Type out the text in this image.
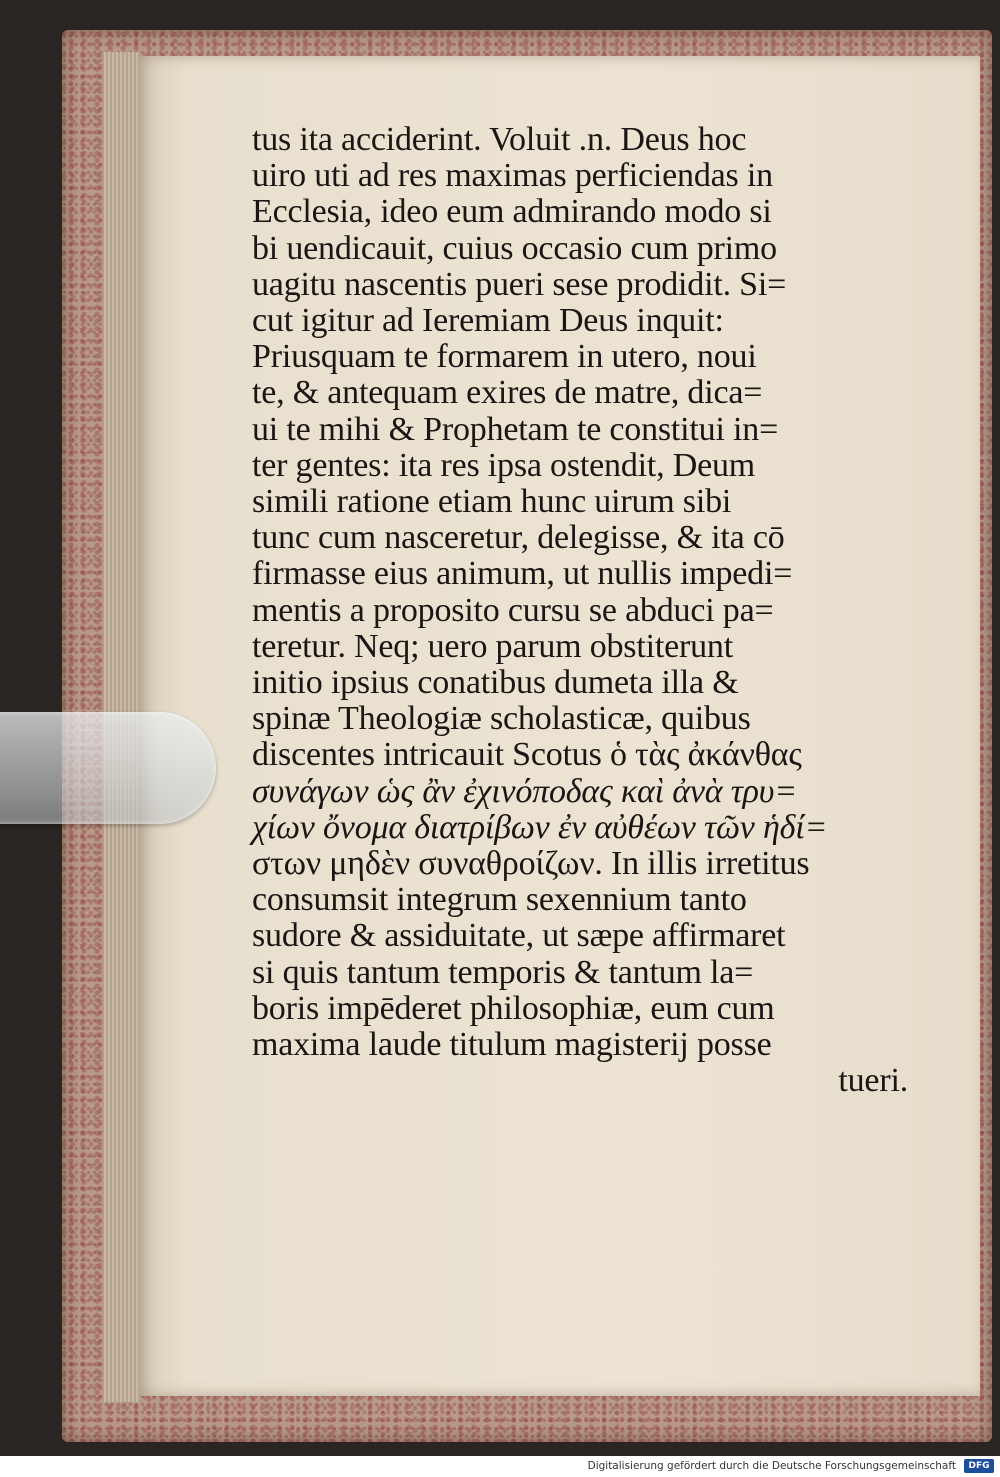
tus ita acciderint. Voluit .n. Deus hoc
uiro uti ad res maximas perficiendas in
Ecclesia, ideo eum admirando modo si
bi uendicauit, cuius occasio cum primo
uagitu nascentis pueri sese prodidit. Si=
cut igitur ad Ieremiam Deus inquit:
Priusquam te formarem in utero, noui
te, & antequam exires de matre, dica=
ui te mihi & Prophetam te constitui in=
ter gentes: ita res ipsa ostendit, Deum
simili ratione etiam hunc uirum sibi
tunc cum nasceretur, delegisse, & ita cō
firmasse eius animum, ut nullis impedi=
mentis a proposito cursu se abduci pa=
teretur. Neq; uero parum obstiterunt
initio ipsius conatibus dumeta illa &
spinæ Theologiæ scholasticæ, quibus
discentes intricauit Scotus ὁ τὰς ἀκάνθας
συνάγων ὡς ἂν ἐχινόποδας καὶ ἀνὰ τρυ=
χίων ὄνομα διατρίβων ἐν αὐθέων τῶν ἡδί=
στων μηδὲν συναθροίζων. In illis irretitus
consumsit integrum sexennium tanto
sudore & assiduitate, ut sæpe affirmaret
si quis tantum temporis & tantum la=
boris impēderet philosophiæ, eum cum
maxima laude titulum magisterij posse
tueri.
Digitalisierung gefördert durch die Deutsche Forschungsgemeinschaft	DFG
